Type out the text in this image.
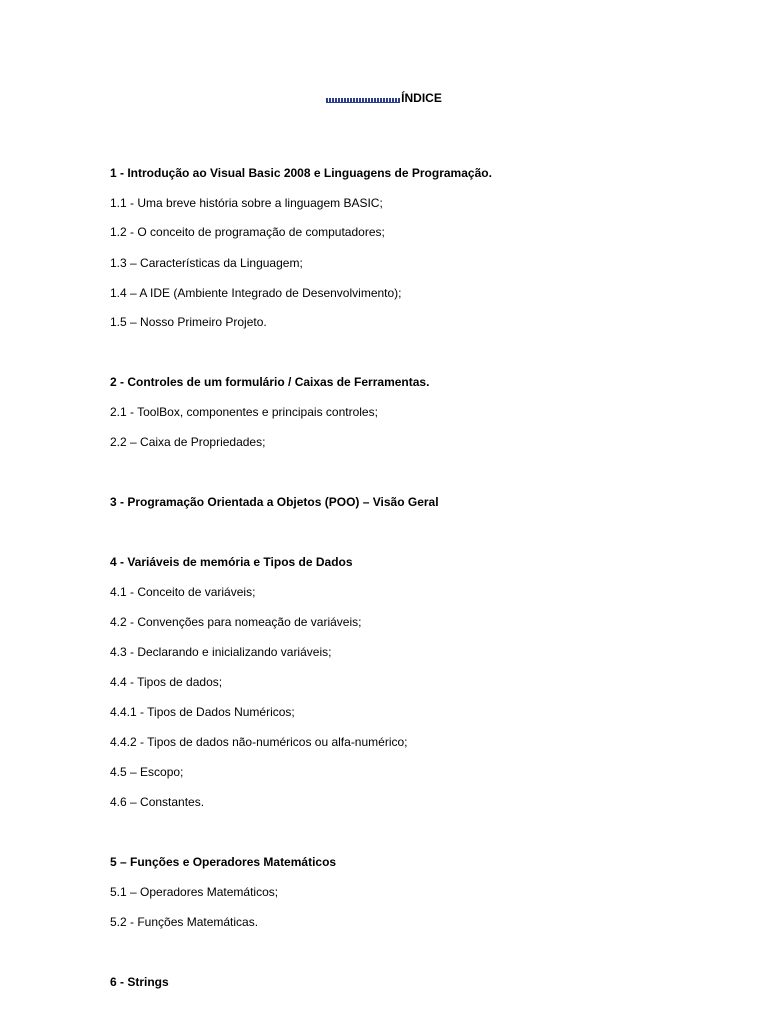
ÍNDICE
1 - Introdução ao Visual Basic 2008 e Linguagens de Programação.
1.1 - Uma breve história sobre a linguagem BASIC;
1.2 - O conceito de programação de computadores;
1.3 – Características da Linguagem;
1.4 – A IDE (Ambiente Integrado de Desenvolvimento);
1.5 – Nosso Primeiro Projeto.
2 - Controles de um formulário / Caixas de Ferramentas.
2.1 - ToolBox, componentes e principais controles;
2.2 – Caixa de Propriedades;
3 - Programação Orientada a Objetos (POO) – Visão Geral
4 - Variáveis de memória e Tipos de Dados
4.1 - Conceito de variáveis;
4.2 - Convenções para nomeação de variáveis;
4.3 - Declarando e inicializando variáveis;
4.4 - Tipos de dados;
4.4.1 - Tipos de Dados Numéricos;
4.4.2 - Tipos de dados não-numéricos ou alfa-numérico;
4.5 – Escopo;
4.6 – Constantes.
5 – Funções e Operadores Matemáticos
5.1 – Operadores Matemáticos;
5.2 - Funções Matemáticas.
6 - Strings
